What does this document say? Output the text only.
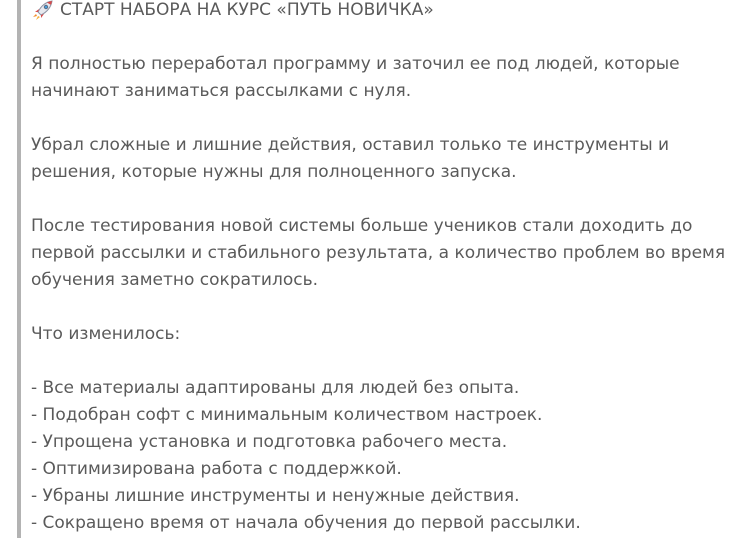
СТАРТ НАБОРА НА КУРС «ПУТЬ НОВИЧКА»

Я полностью переработал программу и заточил ее под людей, которые начинают заниматься рассылками с нуля.

Убрал сложные и лишние действия, оставил только те инструменты и решения, которые нужны для полноценного запуска.

После тестирования новой системы больше учеников стали доходить до первой рассылки и стабильного результата, а количество проблем во время обучения заметно сократилось.

Что изменилось:

- Все материалы адаптированы для людей без опыта.
- Подобран софт с минимальным количеством настроек.
- Упрощена установка и подготовка рабочего места.
- Оптимизирована работа с поддержкой.
- Убраны лишние инструменты и ненужные действия.
- Сокращено время от начала обучения до первой рассылки.
